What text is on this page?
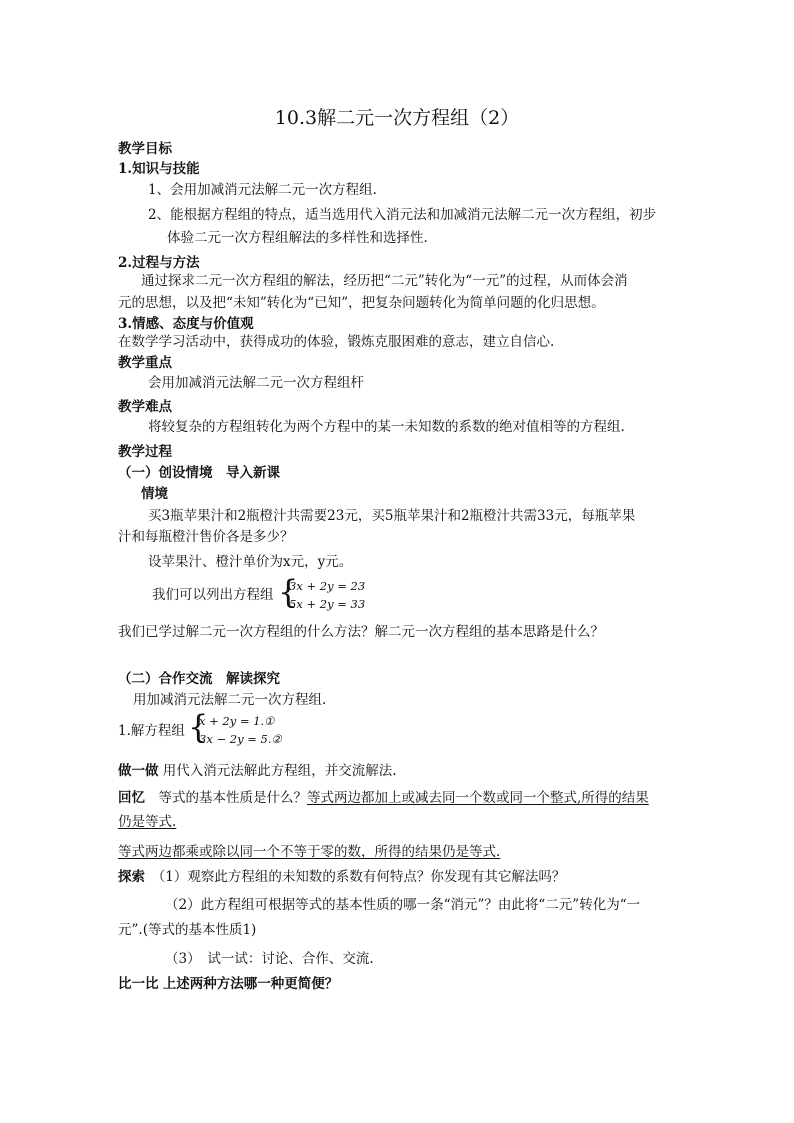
10.3解二元一次方程组（2）
教学目标
1.知识与技能
1、会用加减消元法解二元一次方程组.
2、能根据方程组的特点，适当选用代入消元法和加减消元法解二元一次方程组，初步
体验二元一次方程组解法的多样性和选择性.
2.过程与方法
通过探求二元一次方程组的解法，经历把“二元”转化为“一元”的过程，从而体会消
元的思想，以及把“未知”转化为“已知”，把复杂问题转化为简单问题的化归思想。
3.情感、态度与价值观
在数学学习活动中，获得成功的体验，锻炼克服困难的意志，建立自信心.
教学重点
会用加减消元法解二元一次方程组杆
教学难点
将较复杂的方程组转化为两个方程中的某一未知数的系数的绝对值相等的方程组.
教学过程
（一）创设情境　导入新课
情境
买3瓶苹果汁和2瓶橙汁共需要23元，买5瓶苹果汁和2瓶橙汁共需33元，每瓶苹果
汁和每瓶橙汁售价各是多少？
设苹果汁、橙汁单价为x元，y元。
我们可以列出方程组 {
3x + 2y = 23
5x + 2y = 33
我们已学过解二元一次方程组的什么方法？解二元一次方程组的基本思路是什么？
（二）合作交流　解读探究
用加减消元法解二元一次方程组.
1.解方程组 {
x + 2y = 1.①
3x − 2y = 5.②
做一做 用代入消元法解此方程组，并交流解法.
回忆  等式的基本性质是什么？等式两边都加上或减去同一个数或同一个整式,所得的结果
仍是等式.
等式两边都乘或除以同一个不等于零的数，所得的结果仍是等式.
探索  （1）观察此方程组的未知数的系数有何特点？你发现有其它解法吗？
（2）此方程组可根据等式的基本性质的哪一条“消元”？由此将“二元”转化为“一
元”.(等式的基本性质1)
（3）　试一试：讨论、合作、交流.
比一比 上述两种方法哪一种更简便？
